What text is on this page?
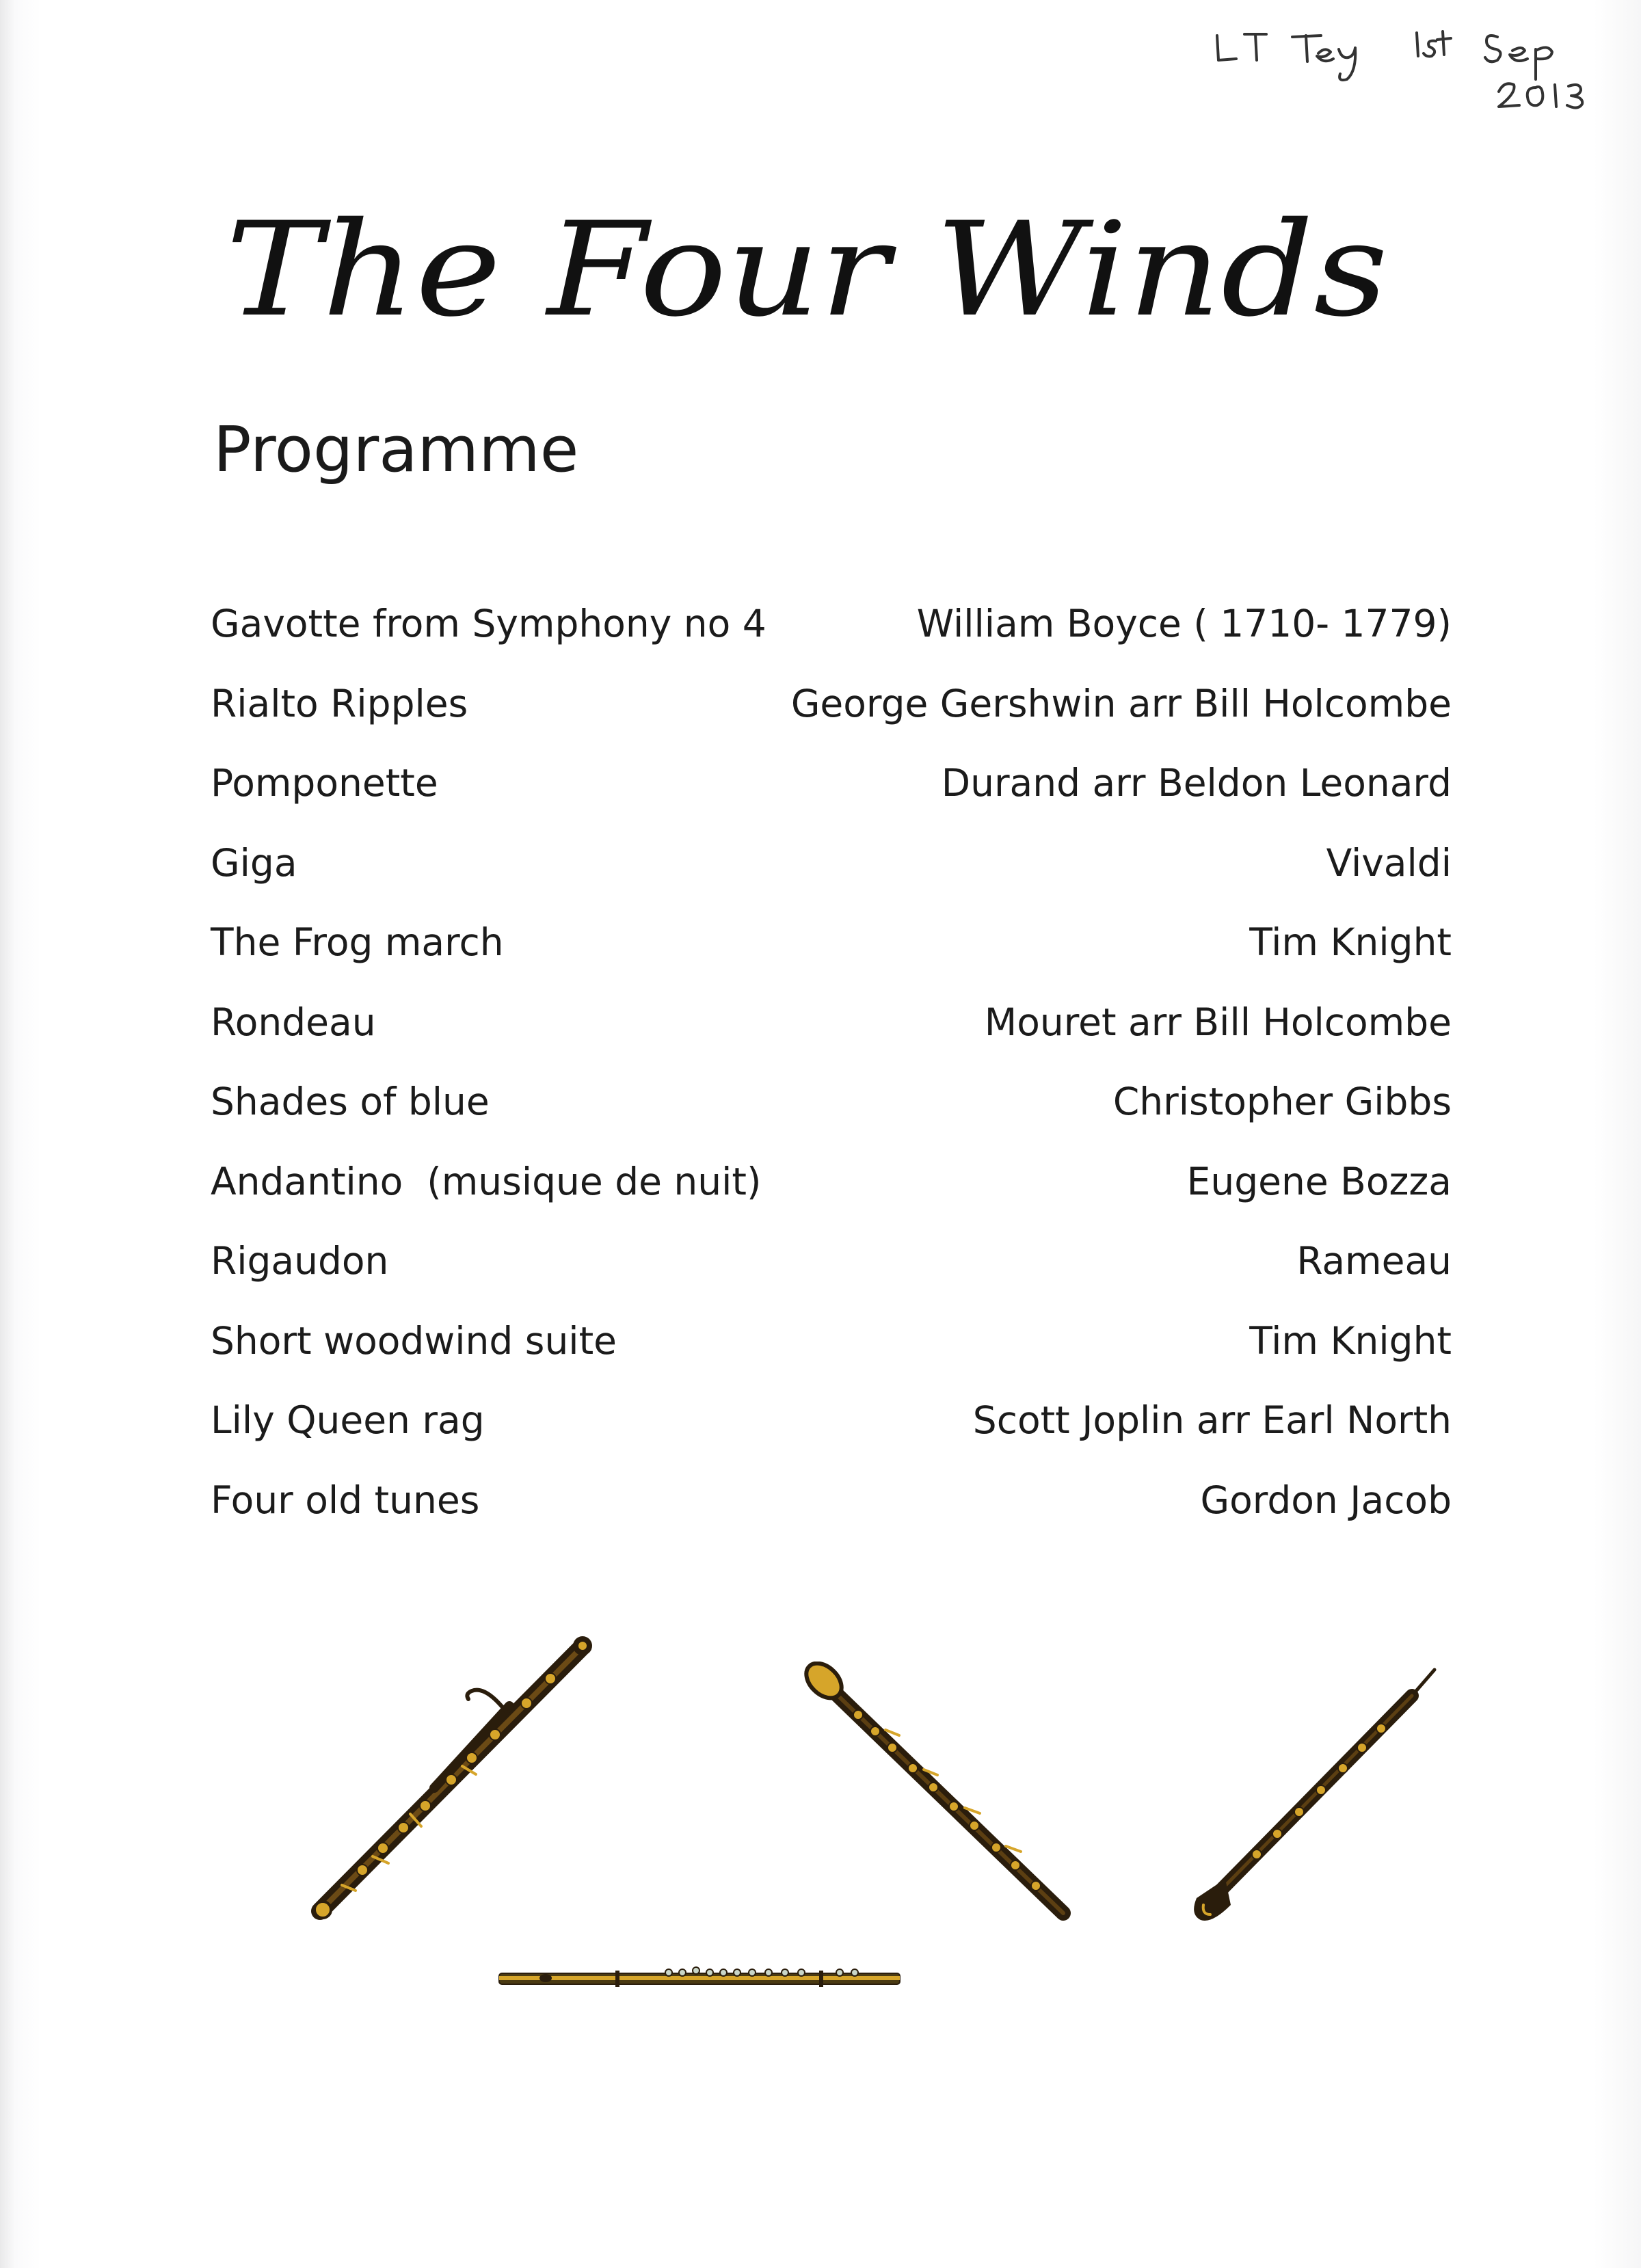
The Four Winds
Programme
Gavotte from Symphony no 4	William Boyce ( 1710- 1779)
Rialto Ripples	George Gershwin arr Bill Holcombe
Pomponette	Durand arr Beldon Leonard
Giga	Vivaldi
The Frog march	Tim Knight
Rondeau	Mouret arr Bill Holcombe
Shades of blue	Christopher Gibbs
Andantino  (musique de nuit)	Eugene Bozza
Rigaudon	Rameau
Short woodwind suite	Tim Knight
Lily Queen rag	Scott Joplin arr Earl North
Four old tunes	Gordon Jacob
